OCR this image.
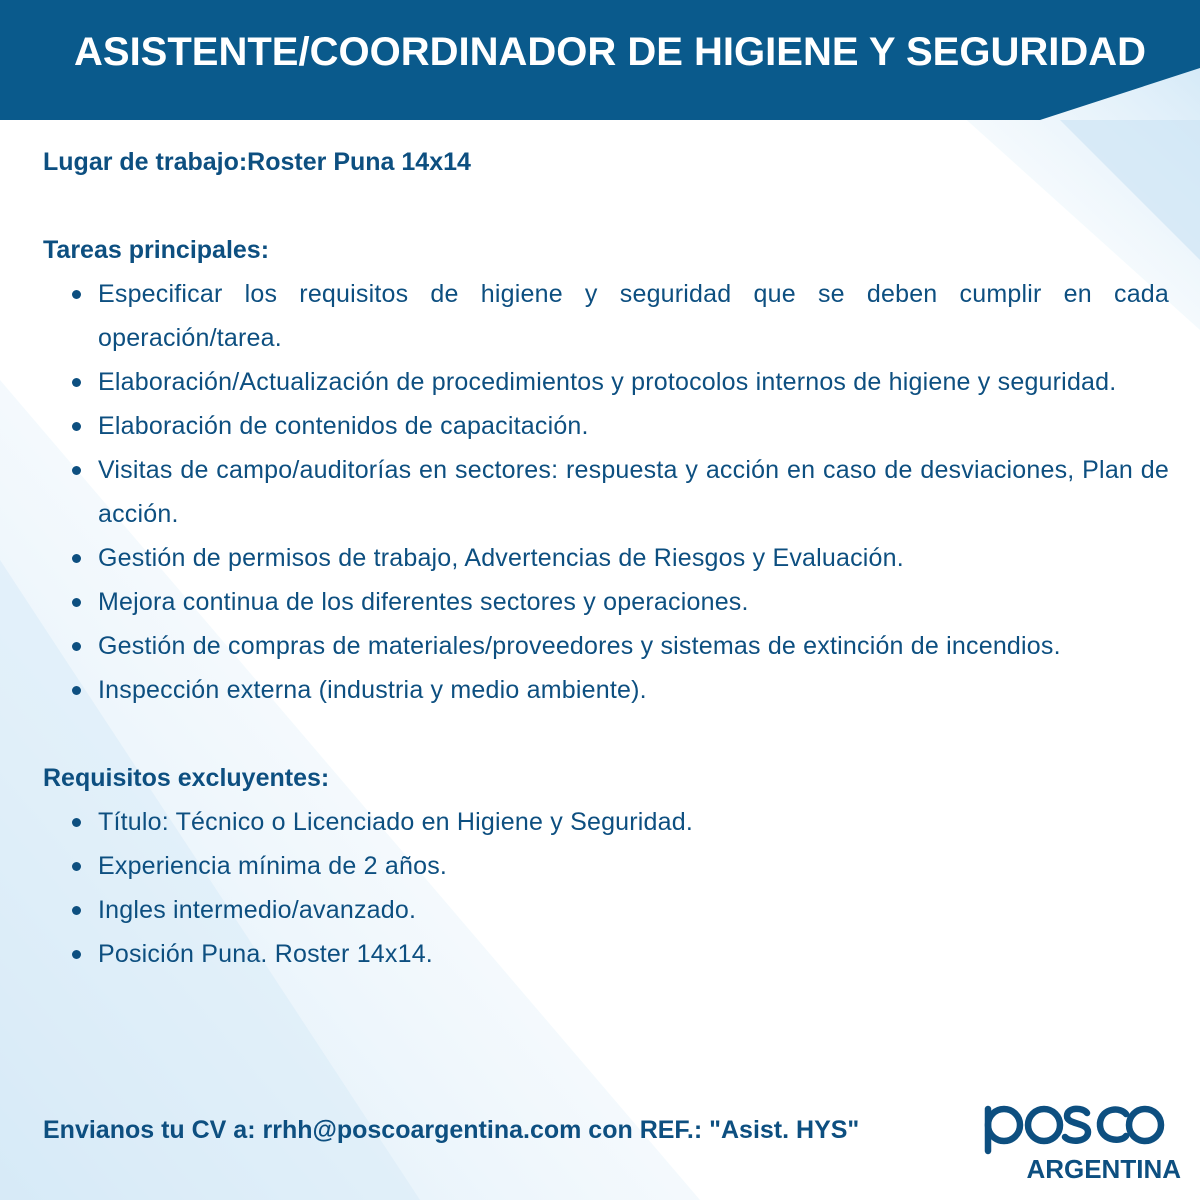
ASISTENTE/COORDINADOR DE HIGIENE Y SEGURIDAD
Lugar de trabajo:Roster Puna 14x14
Tareas principales:
Especificar los requisitos de higiene y seguridad que se deben cumplir en cada operación/tarea.
Elaboración/Actualización de procedimientos y protocolos internos de higiene y seguridad.
Elaboración de contenidos de capacitación.
Visitas de campo/auditorías en sectores: respuesta y acción en caso de desviaciones, Plan de acción.
Gestión de permisos de trabajo, Advertencias de Riesgos y Evaluación.
Mejora continua de los diferentes sectores y operaciones.
Gestión de compras de materiales/proveedores y sistemas de extinción de incendios.
Inspección externa (industria y medio ambiente).
Requisitos excluyentes:
Título: Técnico o Licenciado en Higiene y Seguridad.
Experiencia mínima de 2 años.
Ingles intermedio/avanzado.
Posición Puna. Roster 14x14.
Envianos tu CV a: rrhh@poscoargentina.com con REF.: "Asist. HYS"
ARGENTINA
